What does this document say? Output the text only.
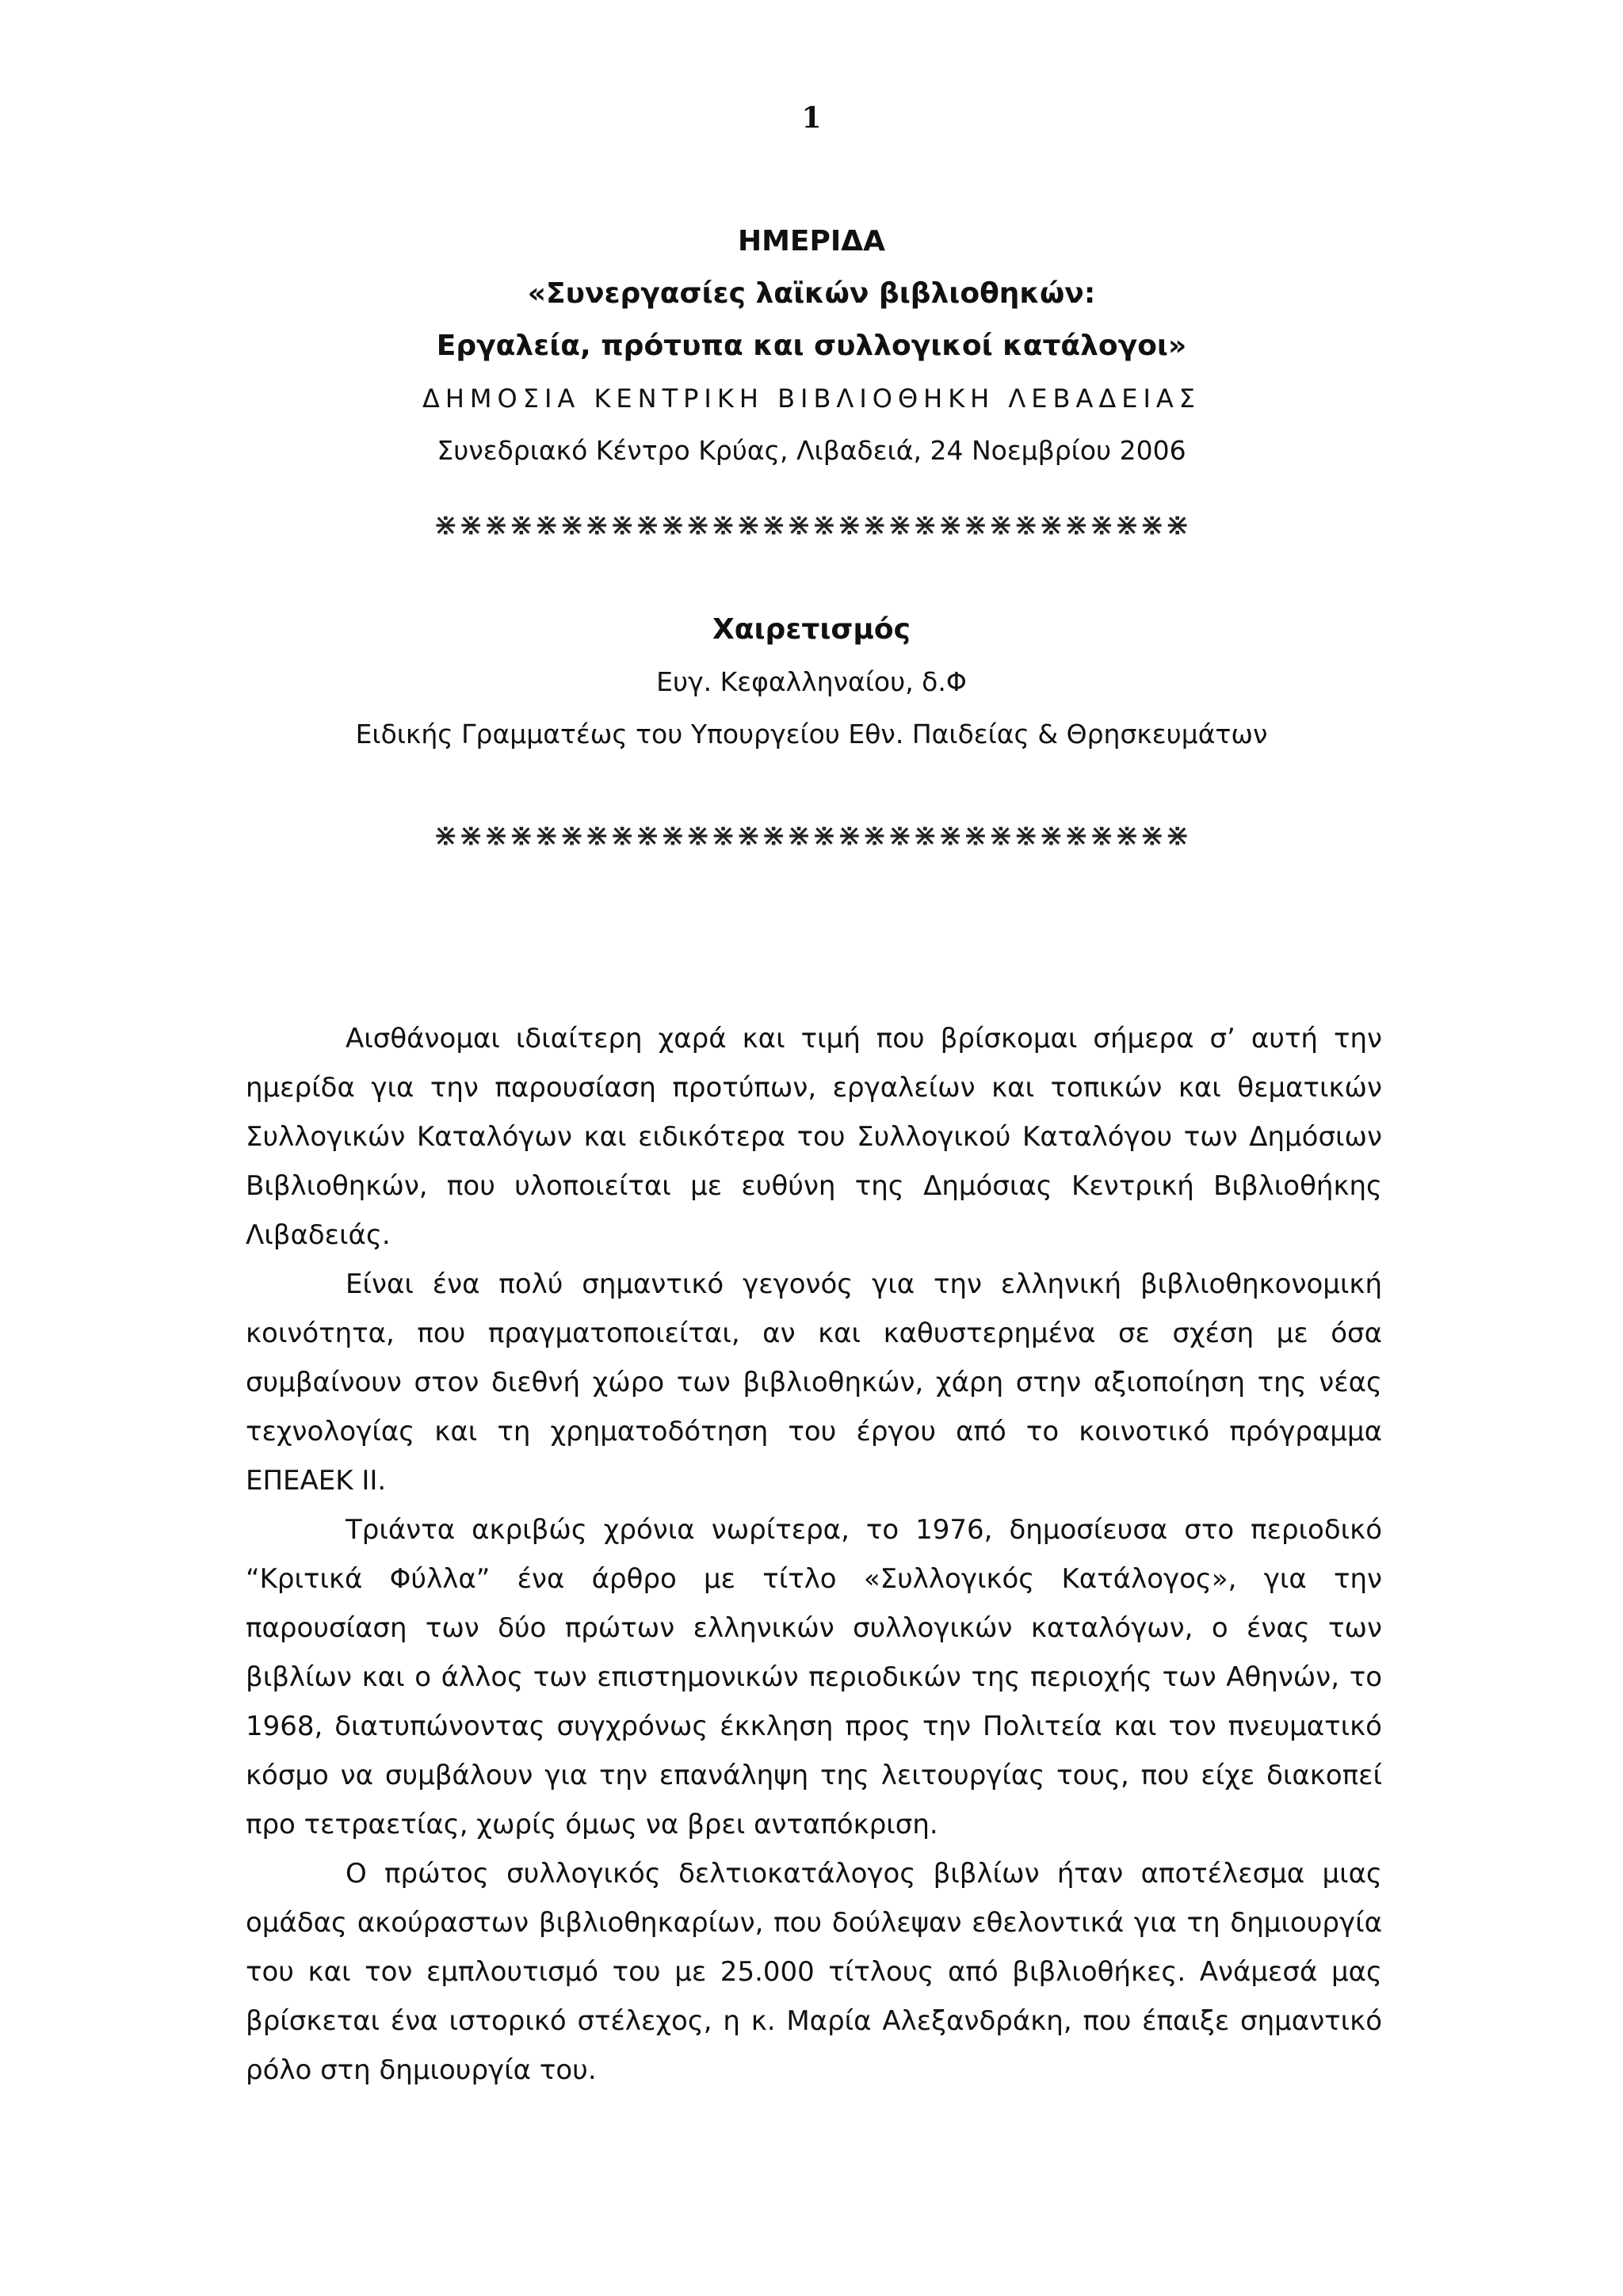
1
ΗΜΕΡΙΔΑ
«Συνεργασίες λαϊκών βιβλιοθηκών:
Εργαλεία, πρότυπα και συλλογικοί κατάλογοι»
ΔΗΜΟΣΙΑ ΚΕΝΤΡΙΚΗ ΒΙΒΛΙΟΘΗΚΗ ΛΕΒΑΔΕΙΑΣ
Συνεδριακό Κέντρο Κρύας, Λιβαδειά, 24 Νοεμβρίου 2006
⋇⋇⋇⋇⋇⋇⋇⋇⋇⋇⋇⋇⋇⋇⋇⋇⋇⋇⋇⋇⋇⋇⋇⋇⋇⋇⋇⋇⋇⋇
Χαιρετισμός
Ευγ. Κεφαλληναίου, δ.Φ
Ειδικής Γραμματέως του Υπουργείου Εθν. Παιδείας & Θρησκευμάτων
⋇⋇⋇⋇⋇⋇⋇⋇⋇⋇⋇⋇⋇⋇⋇⋇⋇⋇⋇⋇⋇⋇⋇⋇⋇⋇⋇⋇⋇⋇

Αισθάνομαι ιδιαίτερη χαρά και τιμή που βρίσκομαι σήμερα σ’ αυτή την ημερίδα για την παρουσίαση προτύπων, εργαλείων και τοπικών και θεματικών Συλλογικών Καταλόγων και ειδικότερα του Συλλογικού Καταλόγου των Δημόσιων Βιβλιοθηκών, που υλοποιείται με ευθύνη της Δημόσιας Κεντρική Βιβλιοθήκης Λιβαδειάς.

Είναι ένα πολύ σημαντικό γεγονός για την ελληνική βιβλιοθηκονομική κοινότητα, που πραγματοποιείται, αν και καθυστερημένα σε σχέση με όσα συμβαίνουν στον διεθνή χώρο των βιβλιοθηκών, χάρη στην αξιοποίηση της νέας τεχνολογίας και τη χρηματοδότηση του έργου από το κοινοτικό πρόγραμμα ΕΠΕΑΕΚ ΙΙ.

Τριάντα ακριβώς χρόνια νωρίτερα, το 1976, δημοσίευσα στο περιοδικό “Κριτικά Φύλλα” ένα άρθρο με τίτλο «Συλλογικός Κατάλογος», για την παρουσίαση των δύο πρώτων ελληνικών συλλογικών καταλόγων, ο ένας των βιβλίων και ο άλλος των επιστημονικών περιοδικών της περιοχής των Αθηνών, το 1968, διατυπώνοντας συγχρόνως έκκληση προς την Πολιτεία και τον πνευματικό κόσμο να συμβάλουν για την επανάληψη της λειτουργίας τους, που είχε διακοπεί προ τετραετίας, χωρίς όμως να βρει ανταπόκριση.

Ο πρώτος συλλογικός δελτιοκατάλογος βιβλίων ήταν αποτέλεσμα μιας ομάδας ακούραστων βιβλιοθηκαρίων, που δούλεψαν εθελοντικά για τη δημιουργία του και τον εμπλουτισμό του με 25.000 τίτλους από βιβλιοθήκες. Ανάμεσά μας βρίσκεται ένα ιστορικό στέλεχος, η κ. Μαρία Αλεξανδράκη, που έπαιξε σημαντικό ρόλο στη δημιουργία του.
